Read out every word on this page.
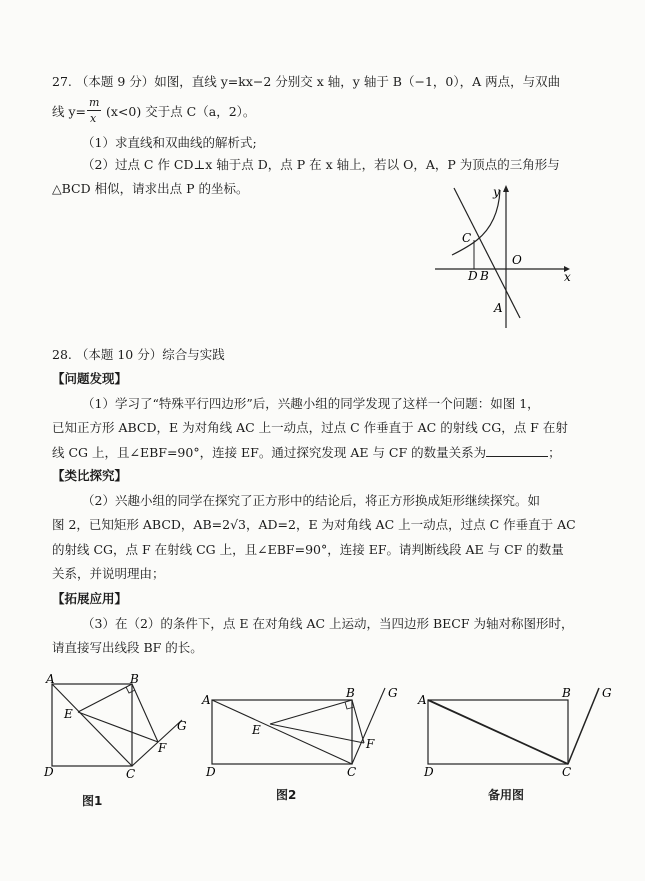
27. （本题 9 分）如图，直线 y=kx−2 分别交 x 轴，y 轴于 B（−1，0），A 两点，与双曲
线 y=
m
x (x<0) 交于点 C（a，2）。
（1）求直线和双曲线的解析式;
（2）过点 C 作 CD⊥x 轴于点 D，点 P 在 x 轴上，若以 O，A，P 为顶点的三角形与
△BCD 相似，请求出点 P 的坐标。
C
O
D B
A
x
y
28. （本题 10 分）综合与实践
【问题发现】
（1）学习了“特殊平行四边形”后，兴趣小组的同学发现了这样一个问题：如图 1，
已知正方形 ABCD，E 为对角线 AC 上一动点，过点 C 作垂直于 AC 的射线 CG，点 F 在射
线 CG 上，且∠EBF=90°，连接 EF。通过探究发现 AE 与 CF 的数量关系为	；
【类比探究】
（2）兴趣小组的同学在探究了正方形中的结论后，将正方形换成矩形继续探究。如
图 2，已知矩形 ABCD，AB=2√3，AD=2，E 为对角线 AC 上一动点，过点 C 作垂直于 AC
的射线 CG，点 F 在射线 CG 上，且∠EBF=90°，连接 EF。请判断线段 AE 与 CF 的数量
关系，并说明理由；
【拓展应用】
（3）在（2）的条件下，点 E 在对角线 AC 上运动，当四边形 BECF 为轴对称图形时，
请直接写出线段 BF 的长。
A	B
C
D
E
F
G
图1
A	B
C
D
E
F
G
图2
A	B
C
D
G
备用图
